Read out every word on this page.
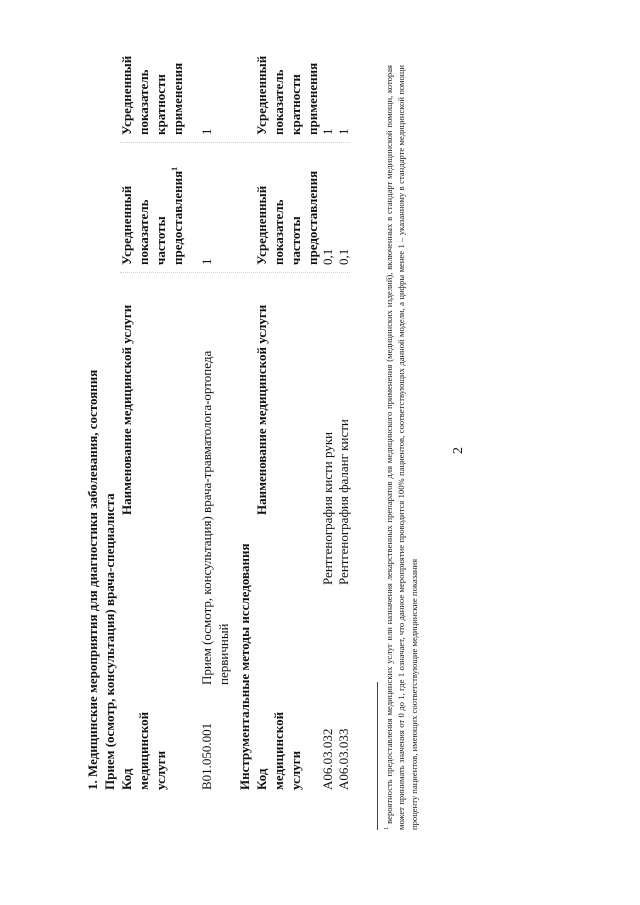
2
1. Медицинские мероприятия для диагностики заболевания, состояния Прием (осмотр, консультация) врача-специалиста Код медицинской услуги
Наименование медицинской услуги
Усредненный показатель частоты предоставления$^1$
Усредненный показатель кратности применения
B01.050.001
Прием (осмотр, консультация) врача-травматолога-ортопеда первичный
1
1
Инструментальные методы исследования Код медицинской услуги
Наименование медицинской услуги
Усредненный показатель частоты предоставления
Усредненный показатель кратности применения
A06.03.032
Рентгенография кисти руки
0,1
1
A06.03.033
Рентгенография фаланг кисти
0,1
1
$^1$ вероятность предоставления медицинских услуг или назначения лекарственных препаратов для медицинского применения (медицинских изделий), включенных в стандарт медицинской помощи, которая может принимать значения от 0 до 1, где 1 означает, что данное мероприятие проводится 100% пациентов, соответствующих данной модели, а цифры менее 1 – указанному в стандарте медицинской помощи проценту пациентов, имеющих соответствующие медицинские показания
